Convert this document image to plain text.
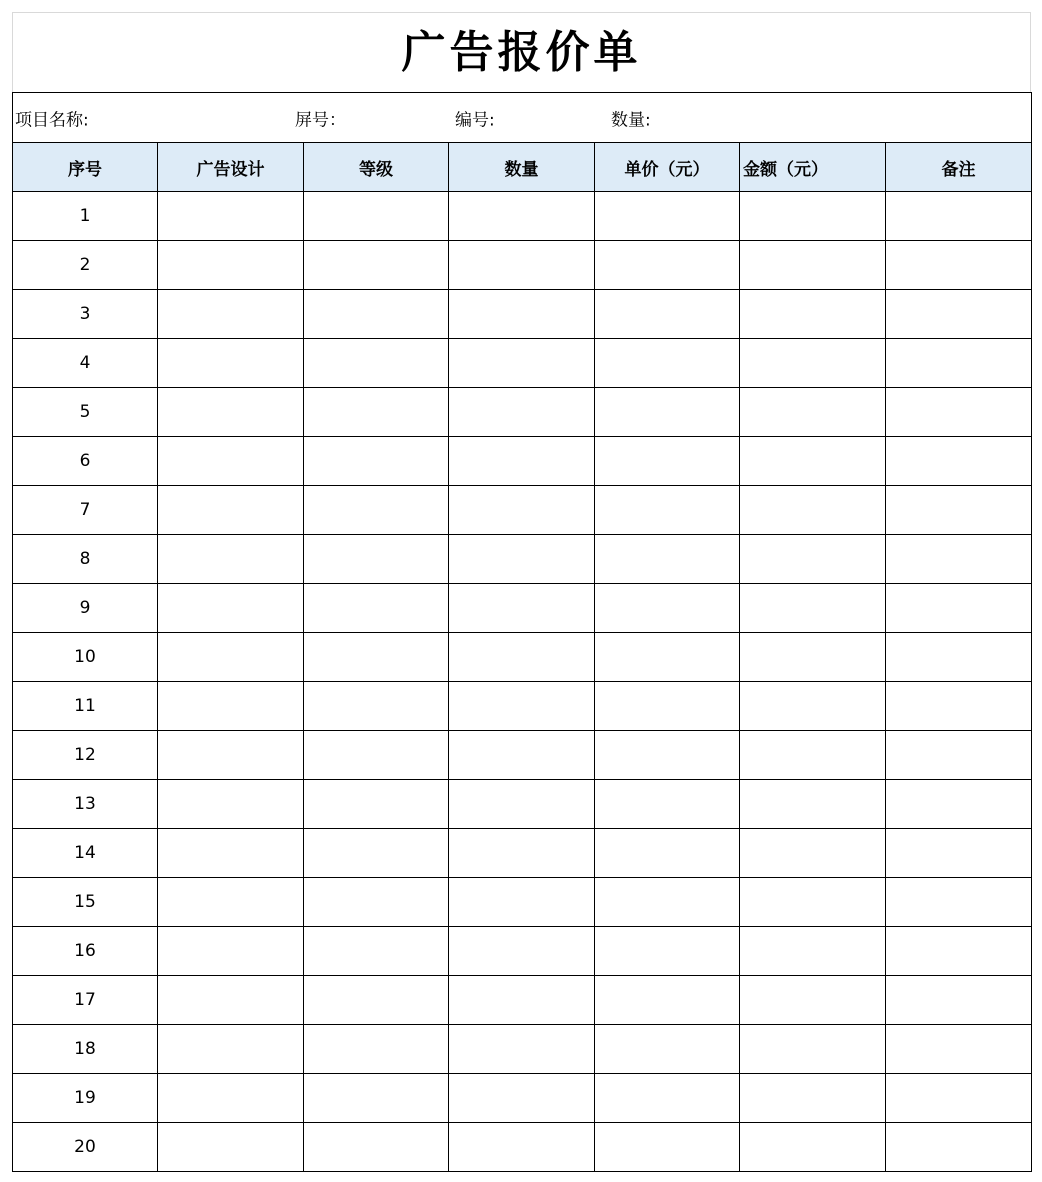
广告报价单
项目名称: 屏号： 编号: 数量:						

序号	广告设计	等级	数量	单价（元）	金额（元）	备注
1						
2						
3						
4						
5						
6						
7						
8						
9						
10						
11						
12						
13						
14						
15						
16						
17						
18						
19						
20						
